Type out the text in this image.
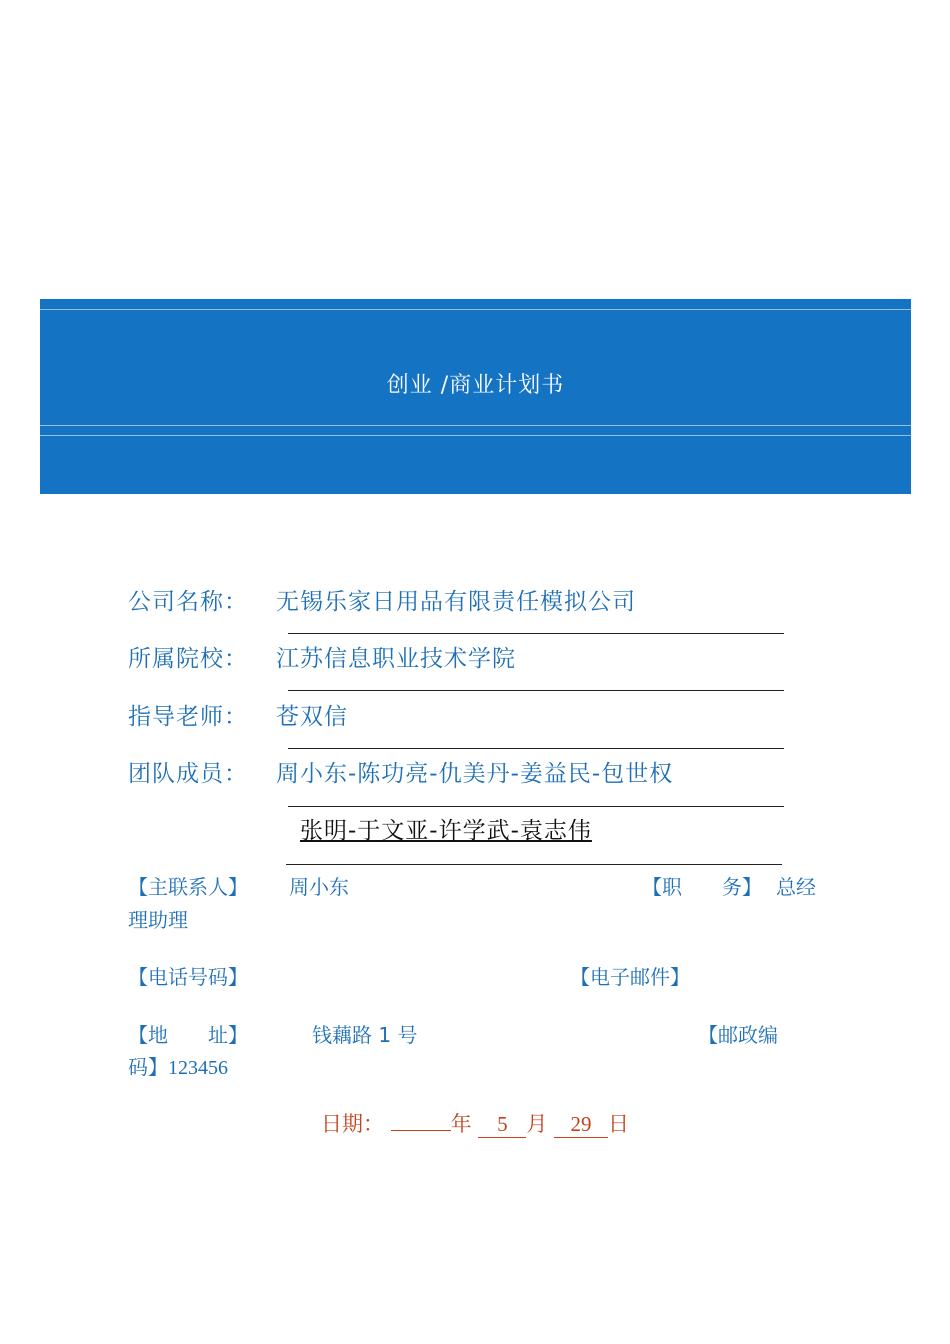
创业 /商业计划书
公司名称： 无锡乐家日用品有限责任模拟公司
所属院校： 江苏信息职业技术学院
指导老师： 苍双信
团队成员： 周小东-陈功亮-仇美丹-姜益民-包世权
张明-于文亚-许学武-袁志伟
【主联系人】 周小东	【职　　务】 总经
理助理
【电话号码】	【电子邮件】
【地　　址】	钱藕路 1 号	【邮政编
码】123456
日期：	年 5 月 29 日
